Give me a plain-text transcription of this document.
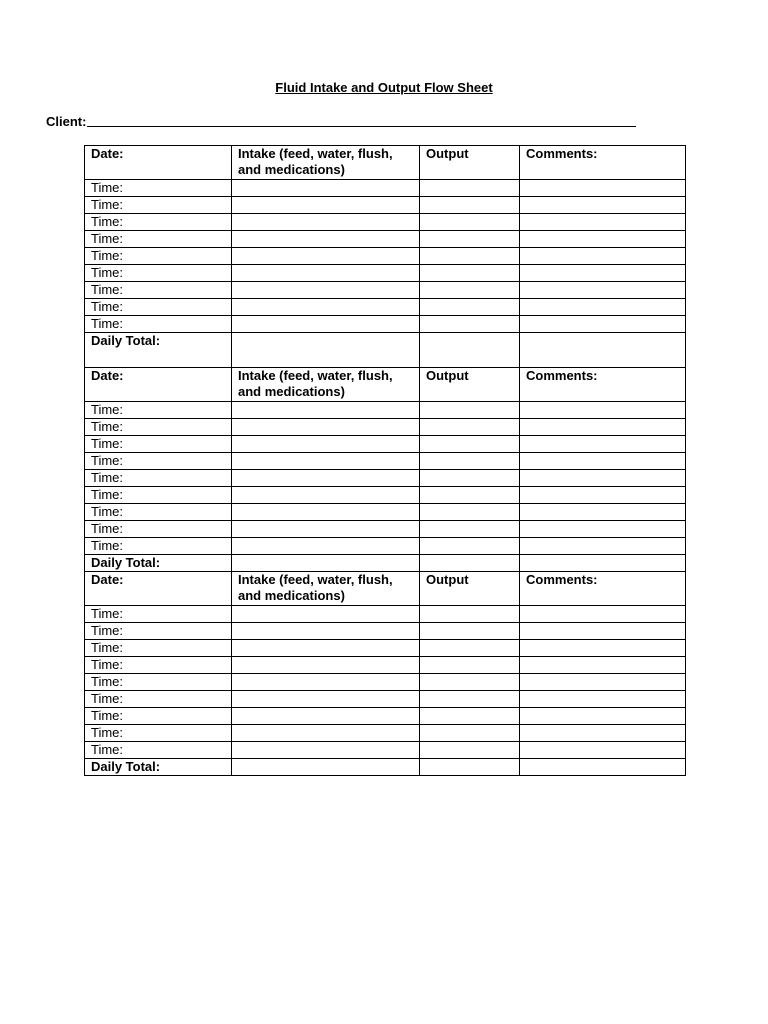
Fluid Intake and Output Flow Sheet
Client:
Date:	Intake (feed, water, flush, and medications)	Output	Comments:
Time:			
Time:			
Time:			
Time:			
Time:			
Time:			
Time:			
Time:			
Time:			
Daily Total:			
Date:	Intake (feed, water, flush, and medications)	Output	Comments:
Time:			
Time:			
Time:			
Time:			
Time:			
Time:			
Time:			
Time:			
Time:			
Daily Total:			
Date:	Intake (feed, water, flush, and medications)	Output	Comments:
Time:			
Time:			
Time:			
Time:			
Time:			
Time:			
Time:			
Time:			
Time:			
Daily Total:			
